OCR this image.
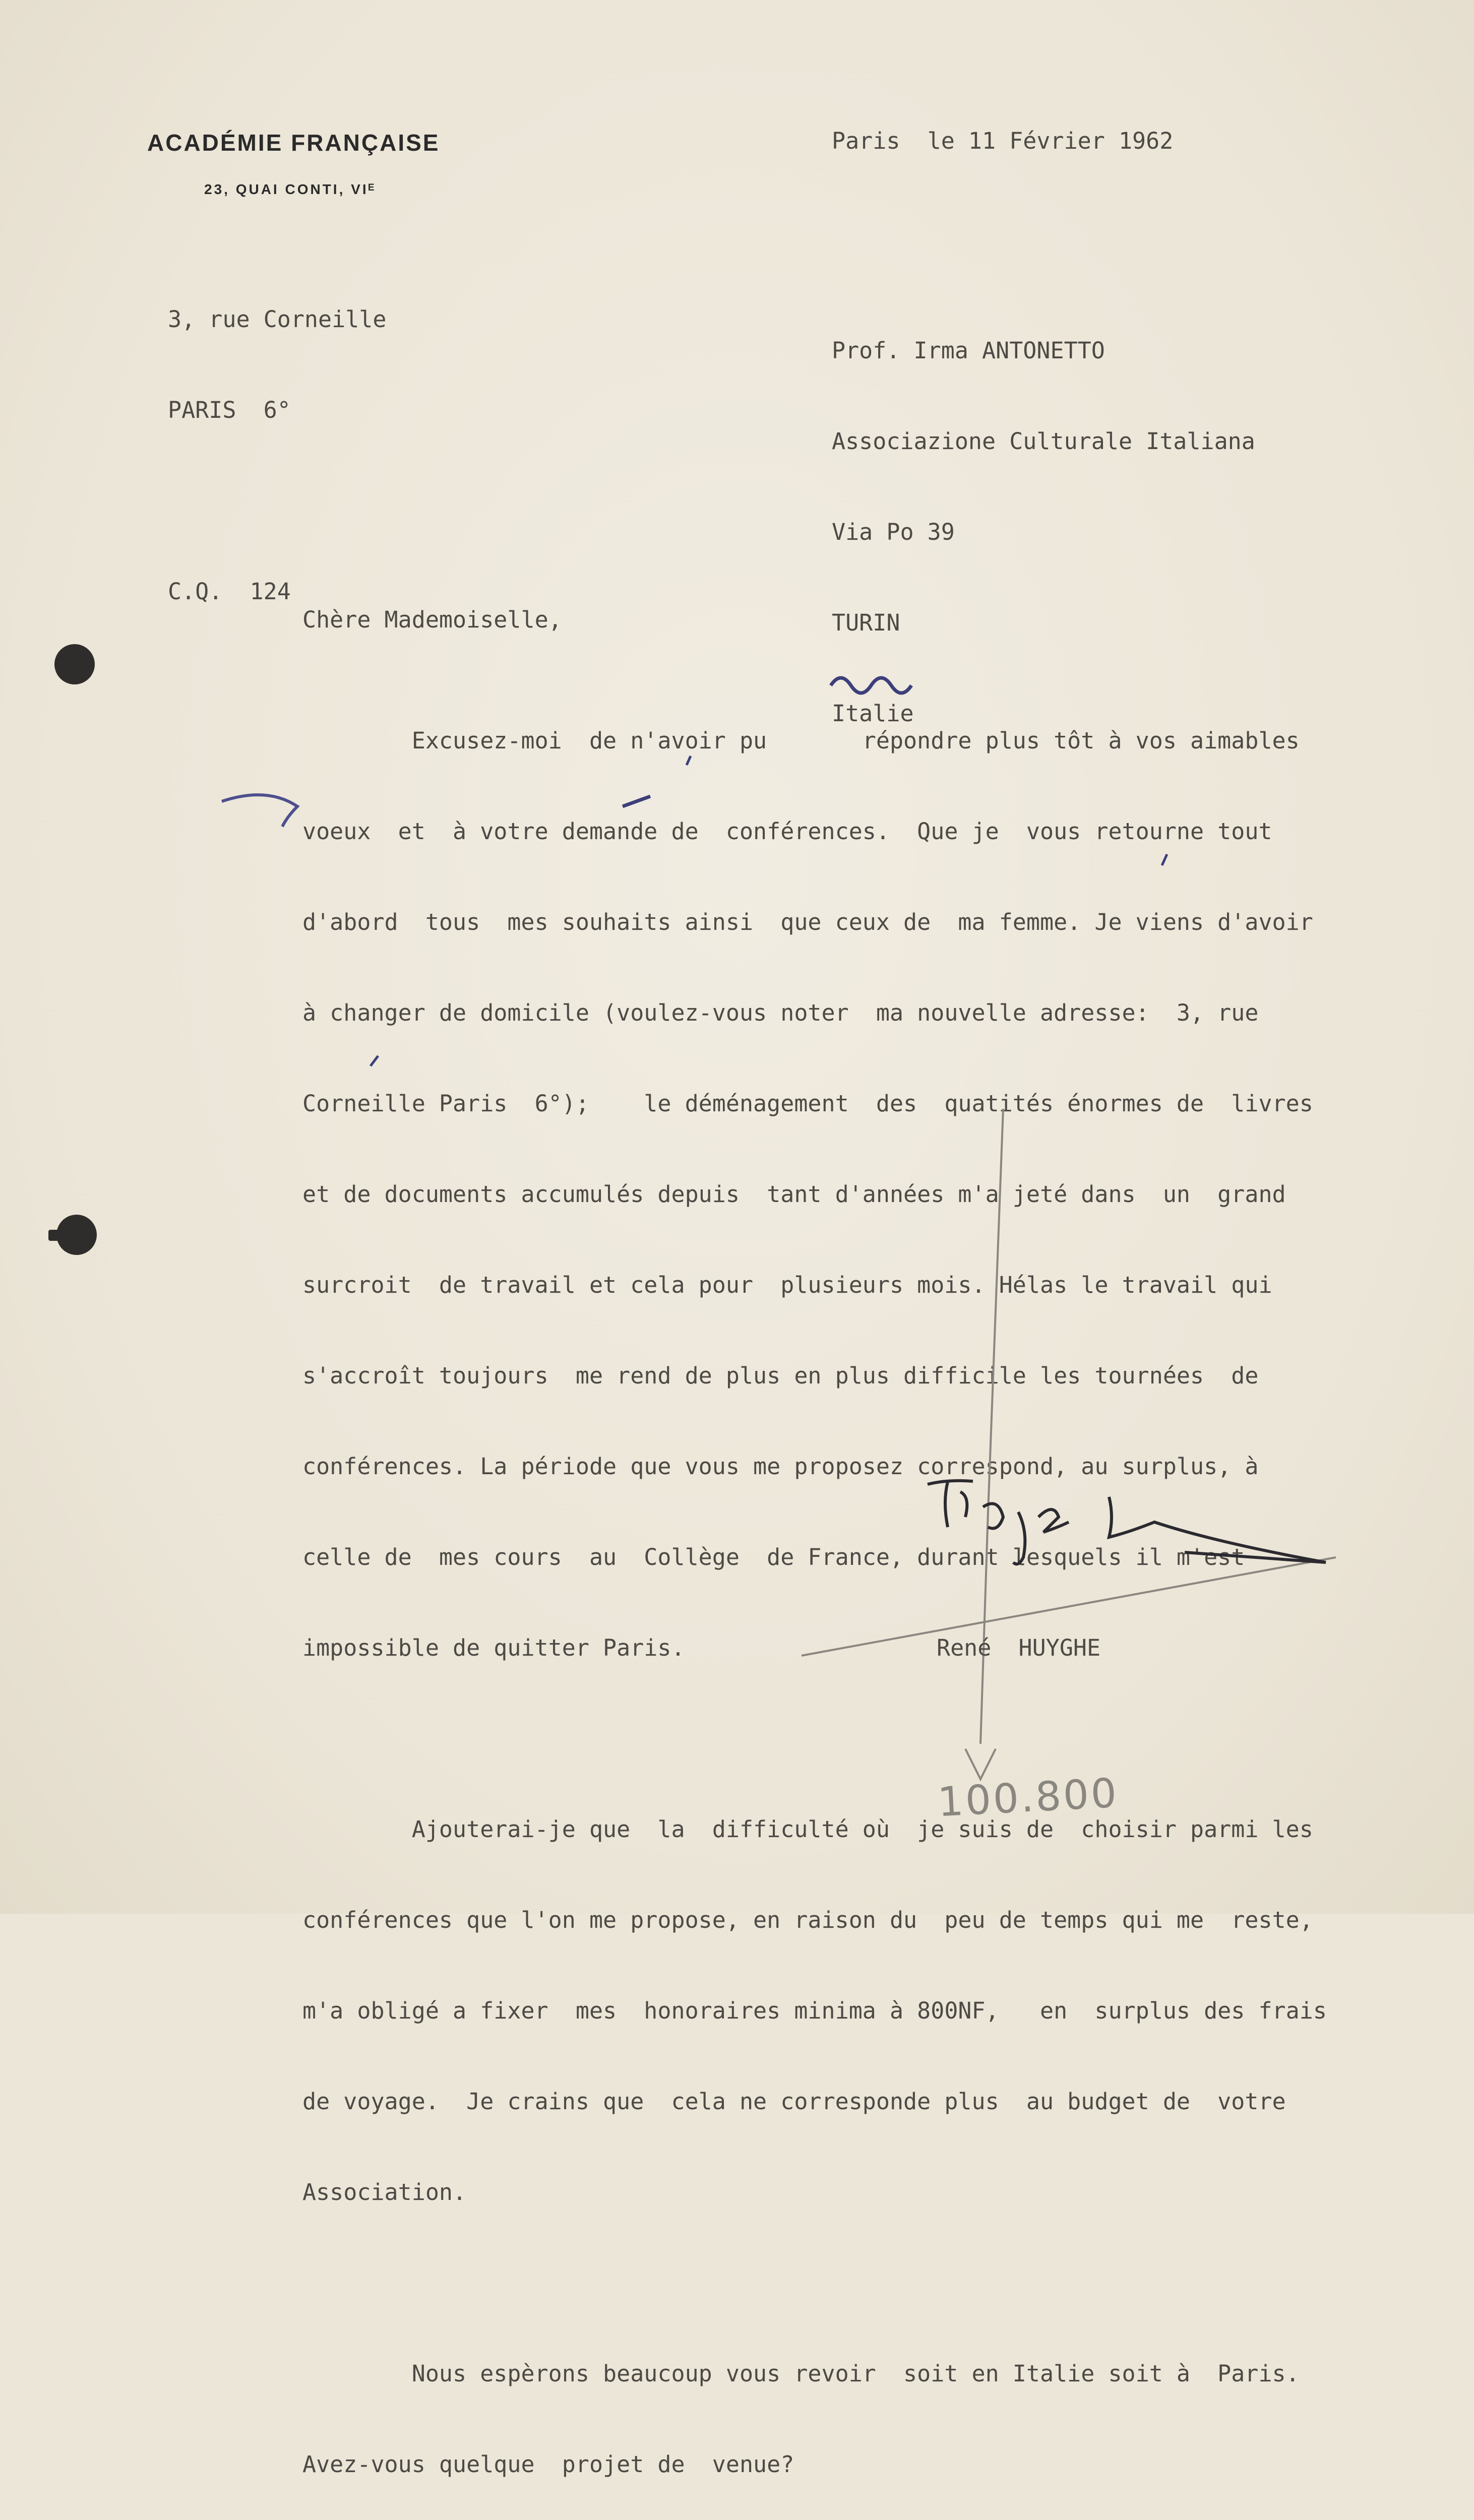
ACADÉMIE FRANÇAISE
23, QUAI CONTI, VIᴱ
Paris  le 11 Février 1962

3, rue Corneille

PARIS  6°

C.Q.  124

Prof. Irma ANTONETTO

Associazione Culturale Italiana

Via Po 39

TURIN

Italie

Chère Mademoiselle,

Excusez-moi  de n'avoir pu       répondre plus tôt à vos aimables

voeux  et  à votre demande de  conférences.  Que je  vous retourne tout

d'abord  tous  mes souhaits ainsi  que ceux de  ma femme. Je viens d'avoir

à changer de domicile (voulez-vous noter  ma nouvelle adresse:  3, rue

Corneille Paris  6°);    le déménagement  des  quatités énormes de  livres

et de documents accumulés depuis  tant d'années m'a jeté dans  un  grand

surcroit  de travail et cela pour  plusieurs mois. Hélas le travail qui

s'accroît toujours  me rend de plus en plus difficile les tournées  de

conférences. La période que vous me proposez correspond, au surplus, à

celle de  mes cours  au  Collège  de France, durant lesquels il m'est

impossible de quitter Paris.

Ajouterai-je que  la  difficulté où  je suis de  choisir parmi les

conférences que l'on me propose, en raison du  peu de temps qui me  reste,

m'a obligé a fixer  mes  honoraires minima à 800NF,   en  surplus des frais

de voyage.  Je crains que  cela ne corresponde plus  au budget de  votre

Association.

Nous espèrons beaucoup vous revoir  soit en Italie soit à  Paris.

Avez-vous quelque  projet de  venue?

René  HUYGHE
100.800
